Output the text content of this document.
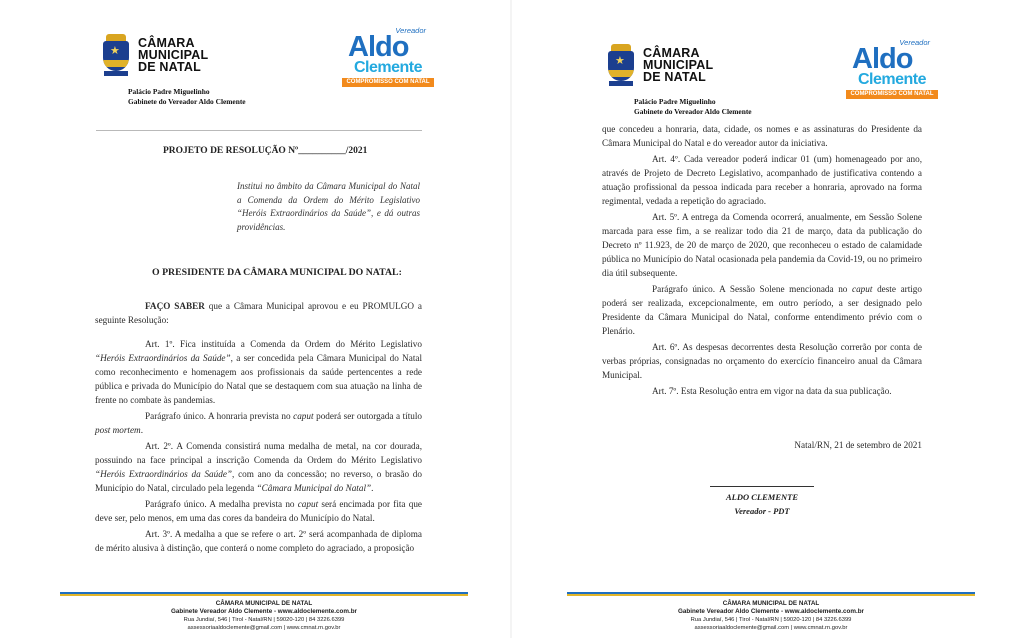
★
CÂMARA
MUNICIPAL
DE NATAL
Palácio Padre Miguelinho
Gabinete do Vereador Aldo Clemente
Vereador
Aldo
Clemente
COMPROMISSO COM NATAL
PROJETO DE RESOLUÇÃO Nº__________/2021
Institui no âmbito da Câmara Municipal do Natal a Comenda da Ordem do Mérito Legislativo “Heróis Extraordinários da Saúde”, e dá outras providências.
O PRESIDENTE DA CÂMARA MUNICIPAL DO NATAL:

FAÇO SABER que a Câmara Municipal aprovou e eu PROMULGO a seguinte Resolução:

Art. 1º. Fica instituída a Comenda da Ordem do Mérito Legislativo “Heróis Extraordinários da Saúde”, a ser concedida pela Câmara Municipal do Natal como reconhecimento e homenagem aos profissionais da saúde pertencentes a rede pública e privada do Município do Natal que se destaquem com sua atuação na linha de frente no combate às pandemias.

Parágrafo único. A honraria prevista no caput poderá ser outorgada a título post mortem.

Art. 2º. A Comenda consistirá numa medalha de metal, na cor dourada, possuindo na face principal a inscrição Comenda da Ordem do Mérito Legislativo “Heróis Extraordinários da Saúde”, com ano da concessão; no reverso, o brasão do Município do Natal, circulado pela legenda “Câmara Municipal do Natal”.

Parágrafo único. A medalha prevista no caput será encimada por fita que deve ser, pelo menos, em uma das cores da bandeira do Município do Natal.

Art. 3º. A medalha a que se refere o art. 2º será acompanhada de diploma de mérito alusiva à distinção, que conterá o nome completo do agraciado, a proposição

CÂMARA MUNICIPAL DE NATAL
Gabinete Vereador Aldo Clemente - www.aldoclemente.com.br
Rua Jundiaí, 546 | Tirol - Natal/RN | 59020-120 | 84 3226.6399
assessoriaaldoclemente@gmail.com | www.cmnat.rn.gov.br
★
CÂMARA
MUNICIPAL
DE NATAL
Palácio Padre Miguelinho
Gabinete do Vereador Aldo Clemente
Vereador
Aldo
Clemente
COMPROMISSO COM NATAL

que concedeu a honraria, data, cidade, os nomes e as assinaturas do Presidente da Câmara Municipal do Natal e do vereador autor da iniciativa.

Art. 4º. Cada vereador poderá indicar 01 (um) homenageado por ano, através de Projeto de Decreto Legislativo, acompanhado de justificativa contendo a atuação profissional da pessoa indicada para receber a honraria, aprovado na forma regimental, vedada a repetição do agraciado.

Art. 5º. A entrega da Comenda ocorrerá, anualmente, em Sessão Solene marcada para esse fim, a se realizar todo dia 21 de março, data da publicação do Decreto nº 11.923, de 20 de março de 2020, que reconheceu o estado de calamidade pública no Município do Natal ocasionada pela pandemia da Covid-19, ou no primeiro dia útil subsequente.

Parágrafo único. A Sessão Solene mencionada no caput deste artigo poderá ser realizada, excepcionalmente, em outro período, a ser designado pelo Presidente da Câmara Municipal do Natal, conforme entendimento prévio com o Plenário.

Art. 6º. As despesas decorrentes desta Resolução correrão por conta de verbas próprias, consignadas no orçamento do exercício financeiro anual da Câmara Municipal.

Art. 7º. Esta Resolução entra em vigor na data da sua publicação.

Natal/RN, 21 de setembro de 2021
ALDO CLEMENTE
Vereador - PDT
CÂMARA MUNICIPAL DE NATAL
Gabinete Vereador Aldo Clemente - www.aldoclemente.com.br
Rua Jundiaí, 546 | Tirol - Natal/RN | 59020-120 | 84 3226.6399
assessoriaaldoclemente@gmail.com | www.cmnat.rn.gov.br
